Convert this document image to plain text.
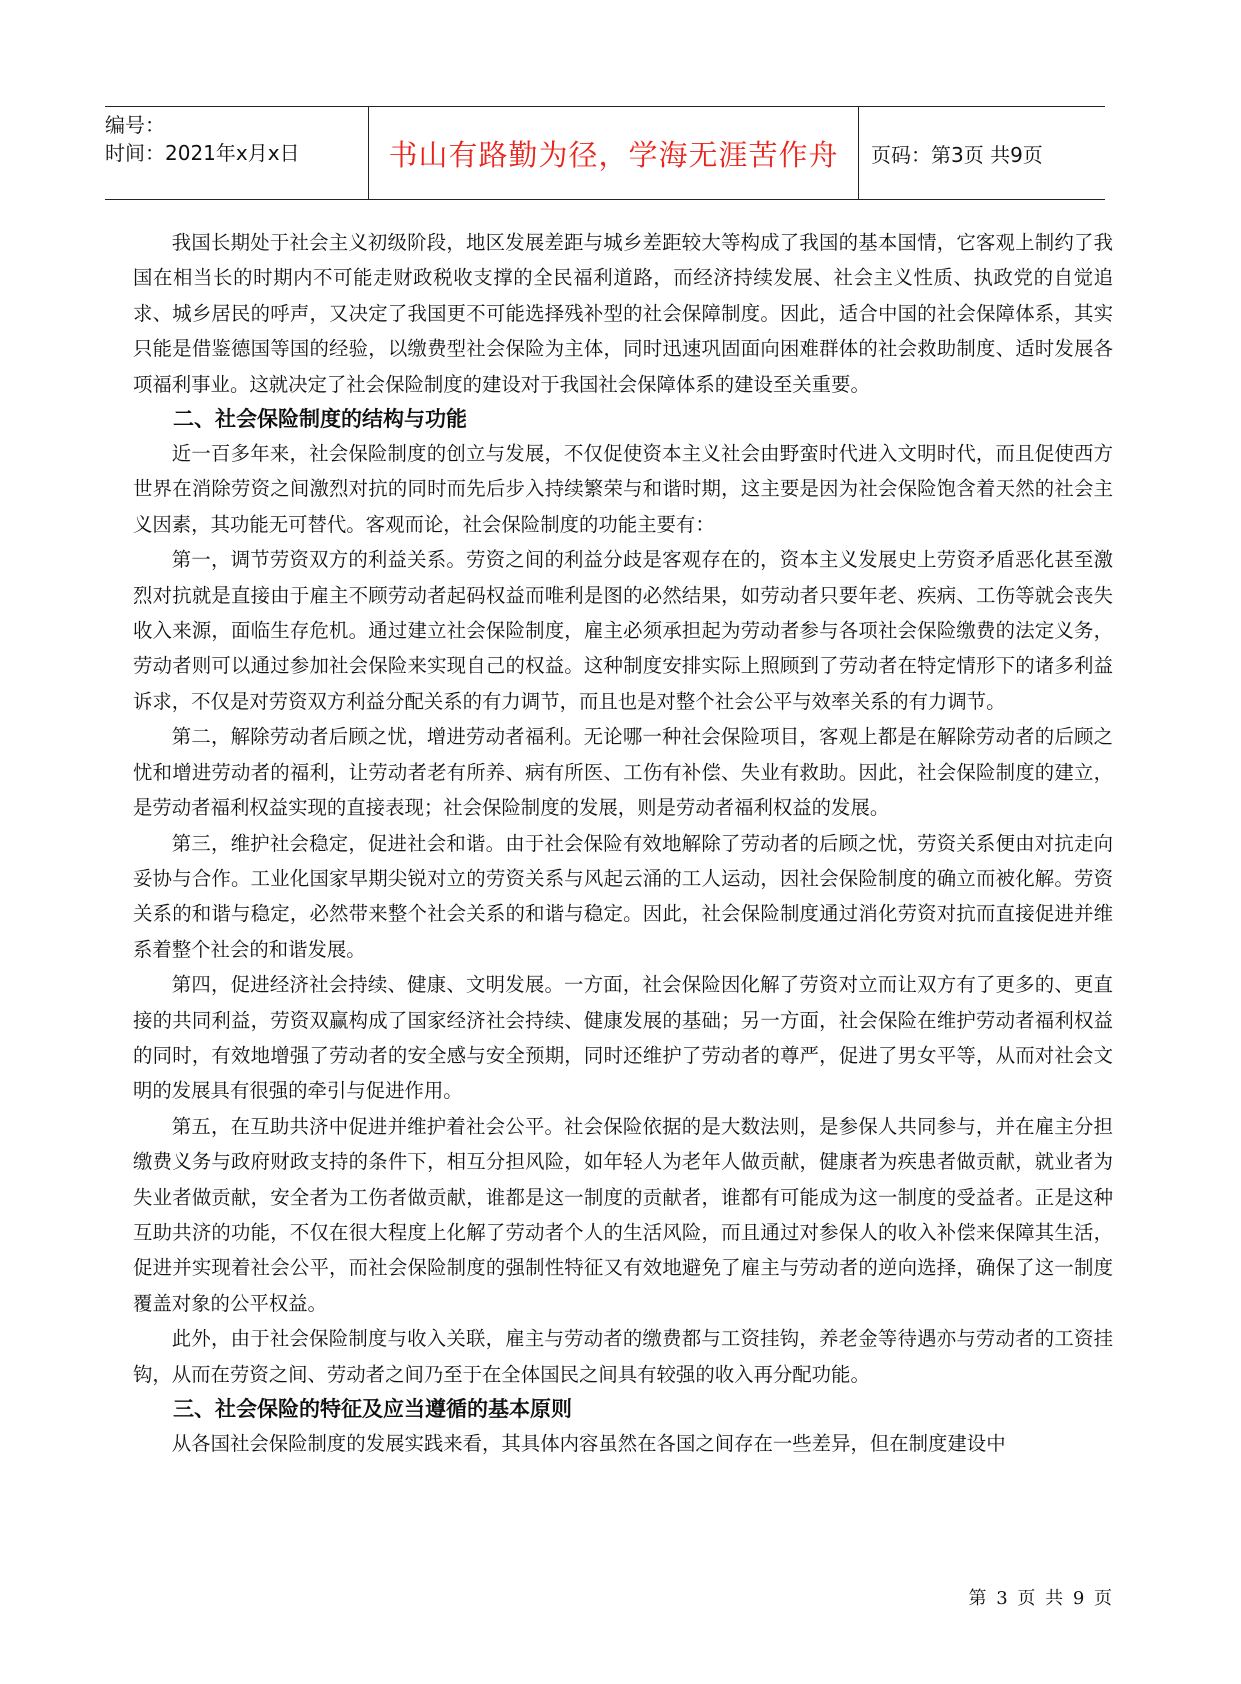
编号：
时间：2021年x月x日	书山有路勤为径，学海无涯苦作舟 页码：第3页 共9页

我国长期处于社会主义初级阶段，地区发展差距与城乡差距较大等构成了我国的基本国情，它客观上制约了我国在相当长的时期内不可能走财政税收支撑的全民福利道路，而经济持续发展、社会主义性质、执政党的自觉追求、城乡居民的呼声，又决定了我国更不可能选择残补型的社会保障制度。因此，适合中国的社会保障体系，其实只能是借鉴德国等国的经验，以缴费型社会保险为主体，同时迅速巩固面向困难群体的社会救助制度、适时发展各项福利事业。这就决定了社会保险制度的建设对于我国社会保障体系的建设至关重要。

二、社会保险制度的结构与功能

近一百多年来，社会保险制度的创立与发展，不仅促使资本主义社会由野蛮时代进入文明时代，而且促使西方世界在消除劳资之间激烈对抗的同时而先后步入持续繁荣与和谐时期，这主要是因为社会保险饱含着天然的社会主义因素，其功能无可替代。客观而论，社会保险制度的功能主要有：

第一，调节劳资双方的利益关系。劳资之间的利益分歧是客观存在的，资本主义发展史上劳资矛盾恶化甚至激烈对抗就是直接由于雇主不顾劳动者起码权益而唯利是图的必然结果，如劳动者只要年老、疾病、工伤等就会丧失收入来源，面临生存危机。通过建立社会保险制度，雇主必须承担起为劳动者参与各项社会保险缴费的法定义务，劳动者则可以通过参加社会保险来实现自己的权益。这种制度安排实际上照顾到了劳动者在特定情形下的诸多利益诉求，不仅是对劳资双方利益分配关系的有力调节，而且也是对整个社会公平与效率关系的有力调节。

第二，解除劳动者后顾之忧，增进劳动者福利。无论哪一种社会保险项目，客观上都是在解除劳动者的后顾之忧和增进劳动者的福利，让劳动者老有所养、病有所医、工伤有补偿、失业有救助。因此，社会保险制度的建立，是劳动者福利权益实现的直接表现；社会保险制度的发展，则是劳动者福利权益的发展。

第三，维护社会稳定，促进社会和谐。由于社会保险有效地解除了劳动者的后顾之忧，劳资关系便由对抗走向妥协与合作。工业化国家早期尖锐对立的劳资关系与风起云涌的工人运动，因社会保险制度的确立而被化解。劳资关系的和谐与稳定，必然带来整个社会关系的和谐与稳定。因此，社会保险制度通过消化劳资对抗而直接促进并维系着整个社会的和谐发展。

第四，促进经济社会持续、健康、文明发展。一方面，社会保险因化解了劳资对立而让双方有了更多的、更直接的共同利益，劳资双赢构成了国家经济社会持续、健康发展的基础；另一方面，社会保险在维护劳动者福利权益的同时，有效地增强了劳动者的安全感与安全预期，同时还维护了劳动者的尊严，促进了男女平等，从而对社会文明的发展具有很强的牵引与促进作用。

第五，在互助共济中促进并维护着社会公平。社会保险依据的是大数法则，是参保人共同参与，并在雇主分担缴费义务与政府财政支持的条件下，相互分担风险，如年轻人为老年人做贡献，健康者为疾患者做贡献，就业者为失业者做贡献，安全者为工伤者做贡献，谁都是这一制度的贡献者，谁都有可能成为这一制度的受益者。正是这种互助共济的功能，不仅在很大程度上化解了劳动者个人的生活风险，而且通过对参保人的收入补偿来保障其生活，促进并实现着社会公平，而社会保险制度的强制性特征又有效地避免了雇主与劳动者的逆向选择，确保了这一制度覆盖对象的公平权益。

此外，由于社会保险制度与收入关联，雇主与劳动者的缴费都与工资挂钩，养老金等待遇亦与劳动者的工资挂钩，从而在劳资之间、劳动者之间乃至于在全体国民之间具有较强的收入再分配功能。

三、社会保险的特征及应当遵循的基本原则

从各国社会保险制度的发展实践来看，其具体内容虽然在各国之间存在一些差异，但在制度建设中

第 3 页 共 9 页
